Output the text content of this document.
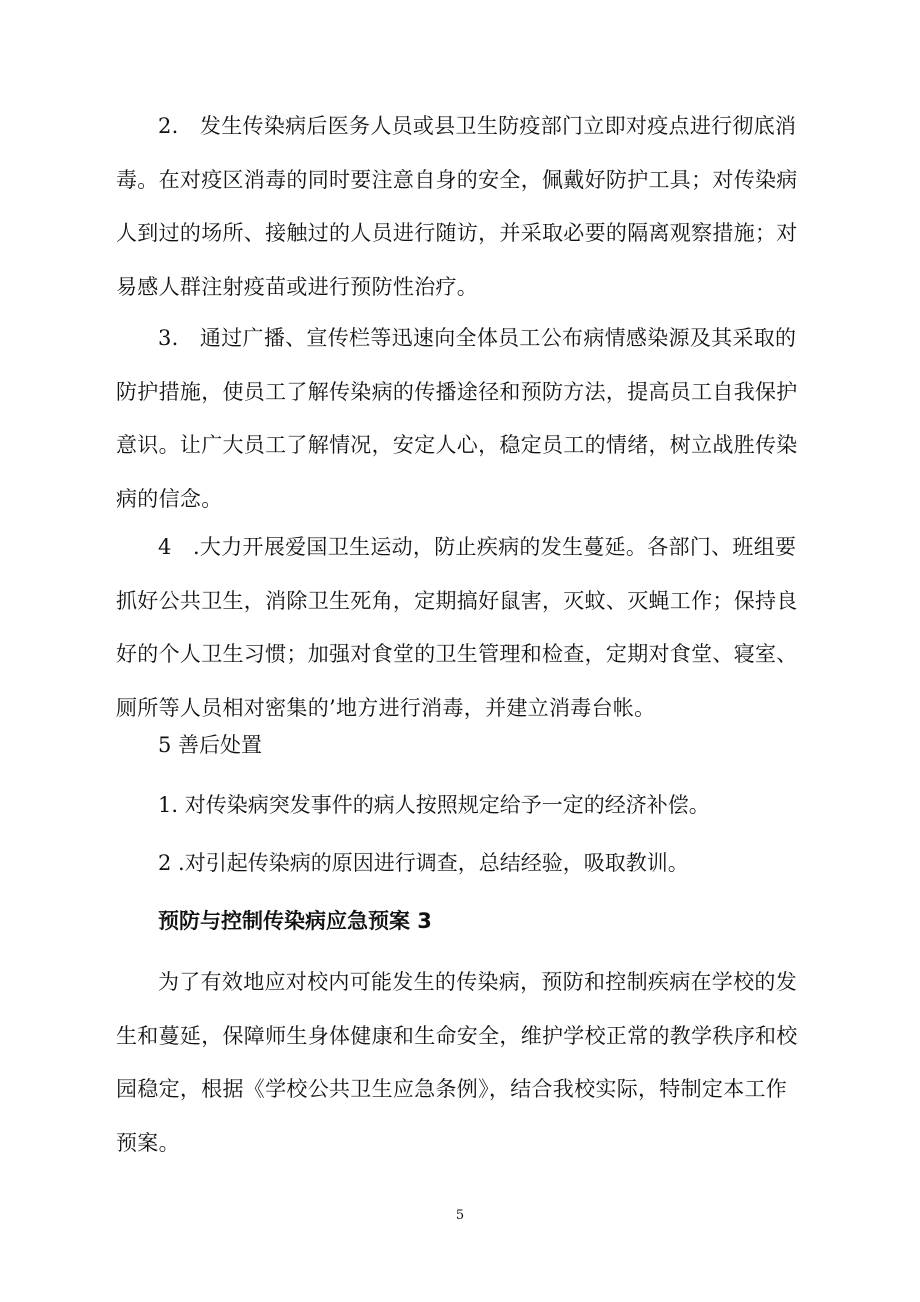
2.　发生传染病后医务人员或县卫生防疫部门立即对疫点进行彻底消毒。在对疫区消毒的同时要注意自身的安全，佩戴好防护工具；对传染病人到过的场所、接触过的人员进行随访，并采取必要的隔离观察措施；对易感人群注射疫苗或进行预防性治疗。

3.　通过广播、宣传栏等迅速向全体员工公布病情感染源及其采取的防护措施，使员工了解传染病的传播途径和预防方法，提高员工自我保护意识。让广大员工了解情况，安定人心，稳定员工的情绪，树立战胜传染病的信念。

4　.大力开展爱国卫生运动，防止疾病的发生蔓延。各部门、班组要抓好公共卫生，消除卫生死角，定期搞好鼠害，灭蚊、灭蝇工作；保持良好的个人卫生习惯；加强对食堂的卫生管理和检查，定期对食堂、寝室、厕所等人员相对密集的’地方进行消毒，并建立消毒台帐。

5 善后处置

1. 对传染病突发事件的病人按照规定给予一定的经济补偿。

2 .对引起传染病的原因进行调查，总结经验，吸取教训。

预防与控制传染病应急预案 3

为了有效地应对校内可能发生的传染病，预防和控制疾病在学校的发生和蔓延，保障师生身体健康和生命安全，维护学校正常的教学秩序和校园稳定，根据《学校公共卫生应急条例》，结合我校实际，特制定本工作预案。

5
